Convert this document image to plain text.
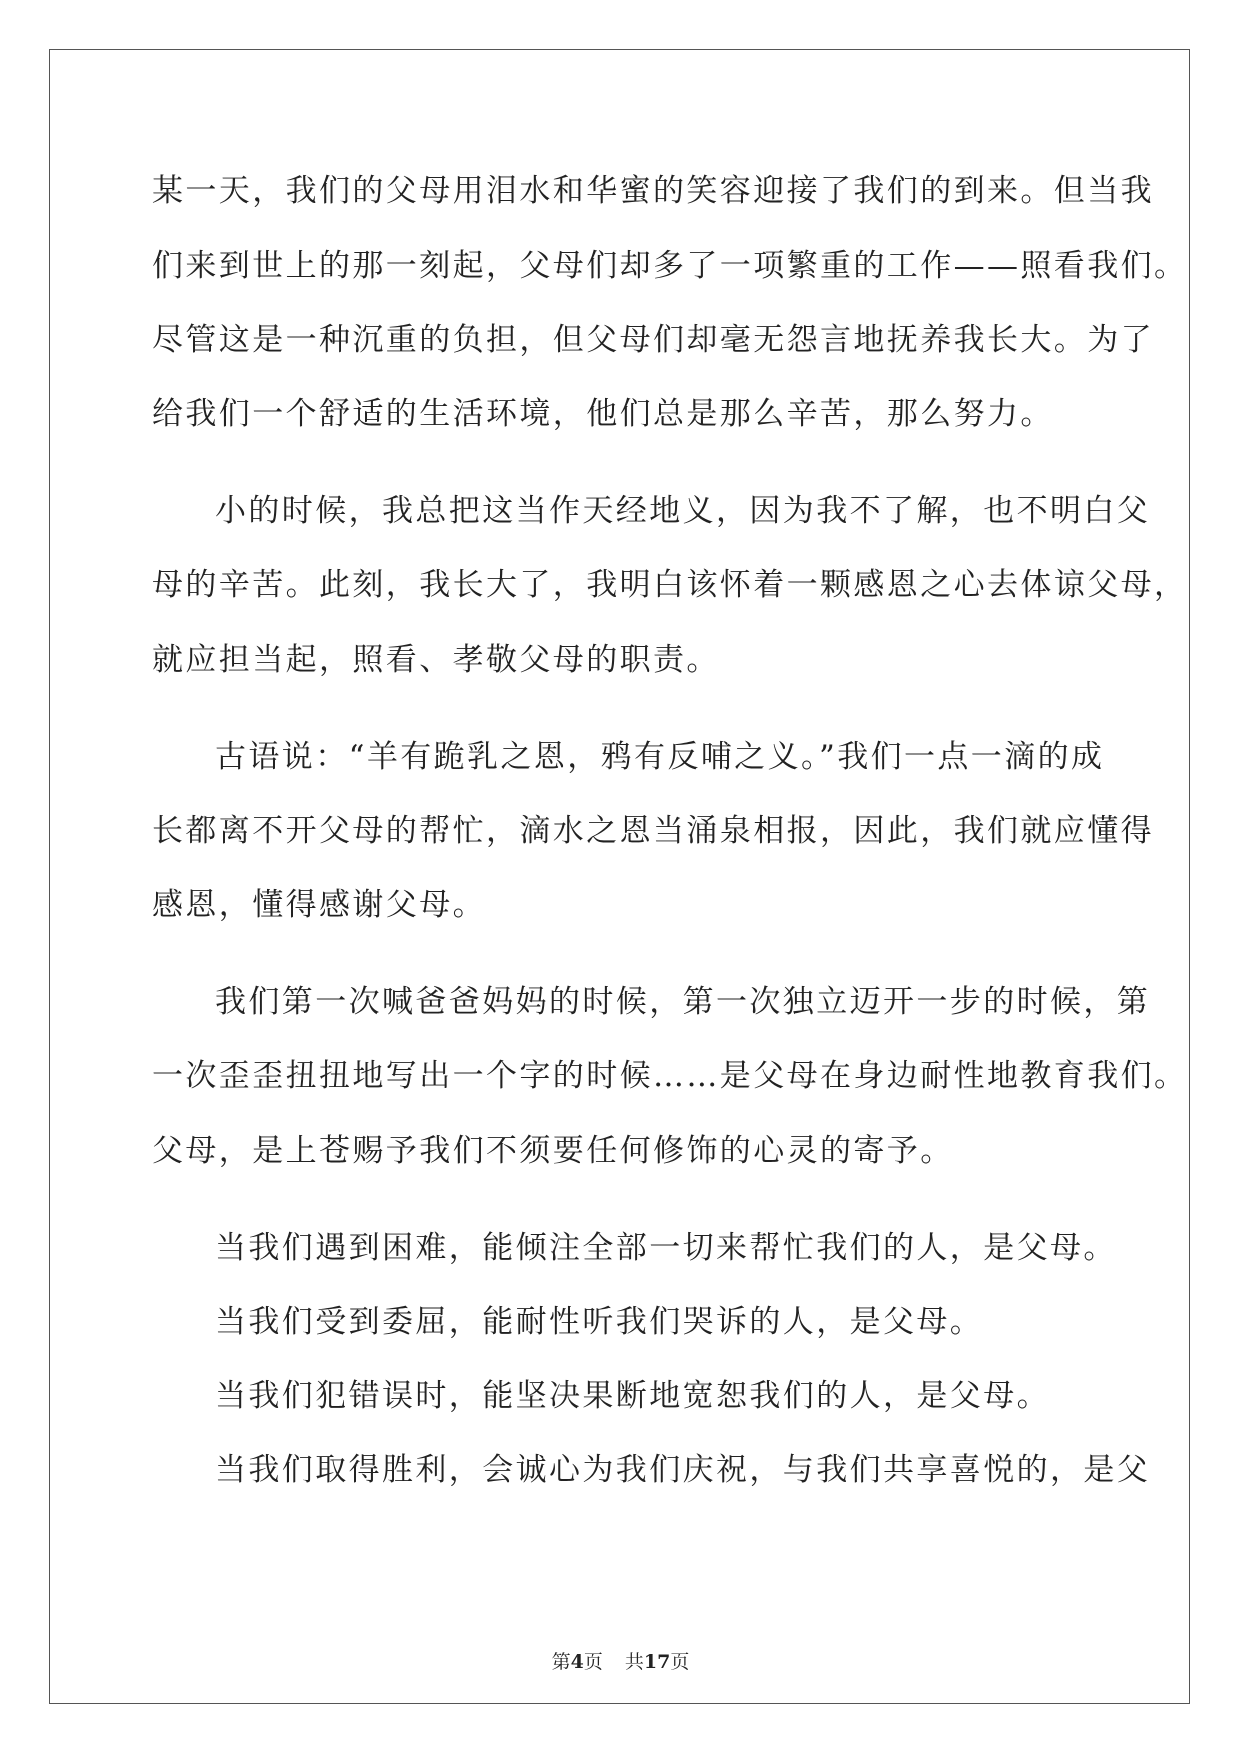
某一天，我们的父母用泪水和华蜜的笑容迎接了我们的到来。但当我
们来到世上的那一刻起，父母们却多了一项繁重的工作——照看我们。
尽管这是一种沉重的负担，但父母们却毫无怨言地抚养我长大。为了
给我们一个舒适的生活环境，他们总是那么辛苦，那么努力。
小的时候，我总把这当作天经地义，因为我不了解，也不明白父
母的辛苦。此刻，我长大了，我明白该怀着一颗感恩之心去体谅父母，
就应担当起，照看、孝敬父母的职责。
古语说：“羊有跪乳之恩，鸦有反哺之义。”我们一点一滴的成
长都离不开父母的帮忙，滴水之恩当涌泉相报，因此，我们就应懂得
感恩，懂得感谢父母。
我们第一次喊爸爸妈妈的时候，第一次独立迈开一步的时候，第
一次歪歪扭扭地写出一个字的时候……是父母在身边耐性地教育我们。
父母，是上苍赐予我们不须要任何修饰的心灵的寄予。
当我们遇到困难，能倾注全部一切来帮忙我们的人，是父母。
当我们受到委屈，能耐性听我们哭诉的人，是父母。
当我们犯错误时，能坚决果断地宽恕我们的人，是父母。
当我们取得胜利，会诚心为我们庆祝，与我们共享喜悦的，是父
第4页 共17页
